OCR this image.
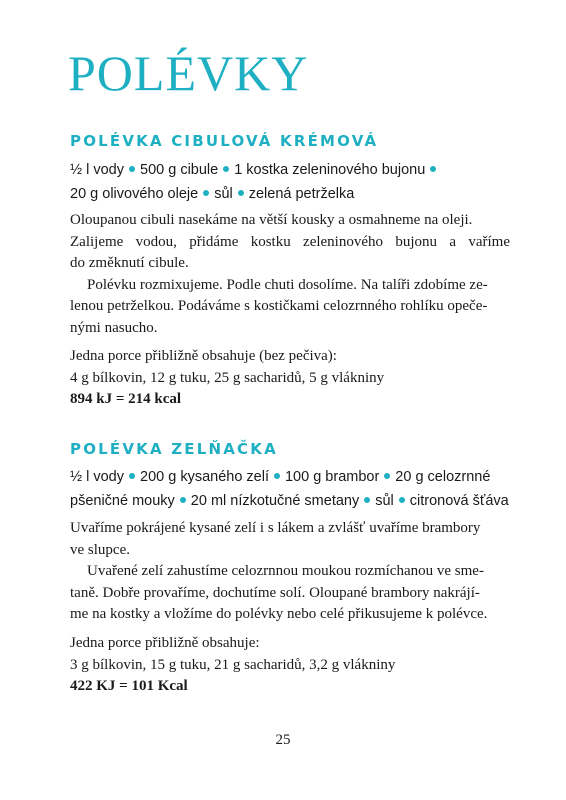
POLÉVKY
POLÉVKA CIBULOVÁ KRÉMOVÁ
½ l vody 500 g cibule 1 kostka zeleninového bujonu
20 g olivového oleje sůl zelená petrželka
Oloupanou cibuli nasekáme na větší kousky a osmahneme na oleji.
Zalijeme vodou, přidáme kostku zeleninového bujonu a vaříme
do změknutí cibule.
Polévku rozmixujeme. Podle chuti dosolíme. Na talíři zdobíme ze-
lenou petrželkou. Podáváme s kostičkami celozrnného rohlíku opeče-
nými nasucho.
Jedna porce přibližně obsahuje (bez pečiva):
4 g bílkovin, 12 g tuku, 25 g sacharidů, 5 g vlákniny
894 kJ = 214 kcal
POLÉVKA ZELŇAČKA
½ l vody 200 g kysaného zelí 100 g brambor 20 g celozrnné
pšeničné mouky 20 ml nízkotučné smetany sůl citronová šťáva
Uvaříme pokrájené kysané zelí i s lákem a zvlášť uvaříme brambory
ve slupce.
Uvařené zelí zahustíme celozrnnou moukou rozmíchanou ve sme-
taně. Dobře provaříme, dochutíme solí. Oloupané brambory nakrájí-
me na kostky a vložíme do polévky nebo celé přikusujeme k polévce.
Jedna porce přibližně obsahuje:
3 g bílkovin, 15 g tuku, 21 g sacharidů, 3,2 g vlákniny
422 KJ = 101 Kcal
25
